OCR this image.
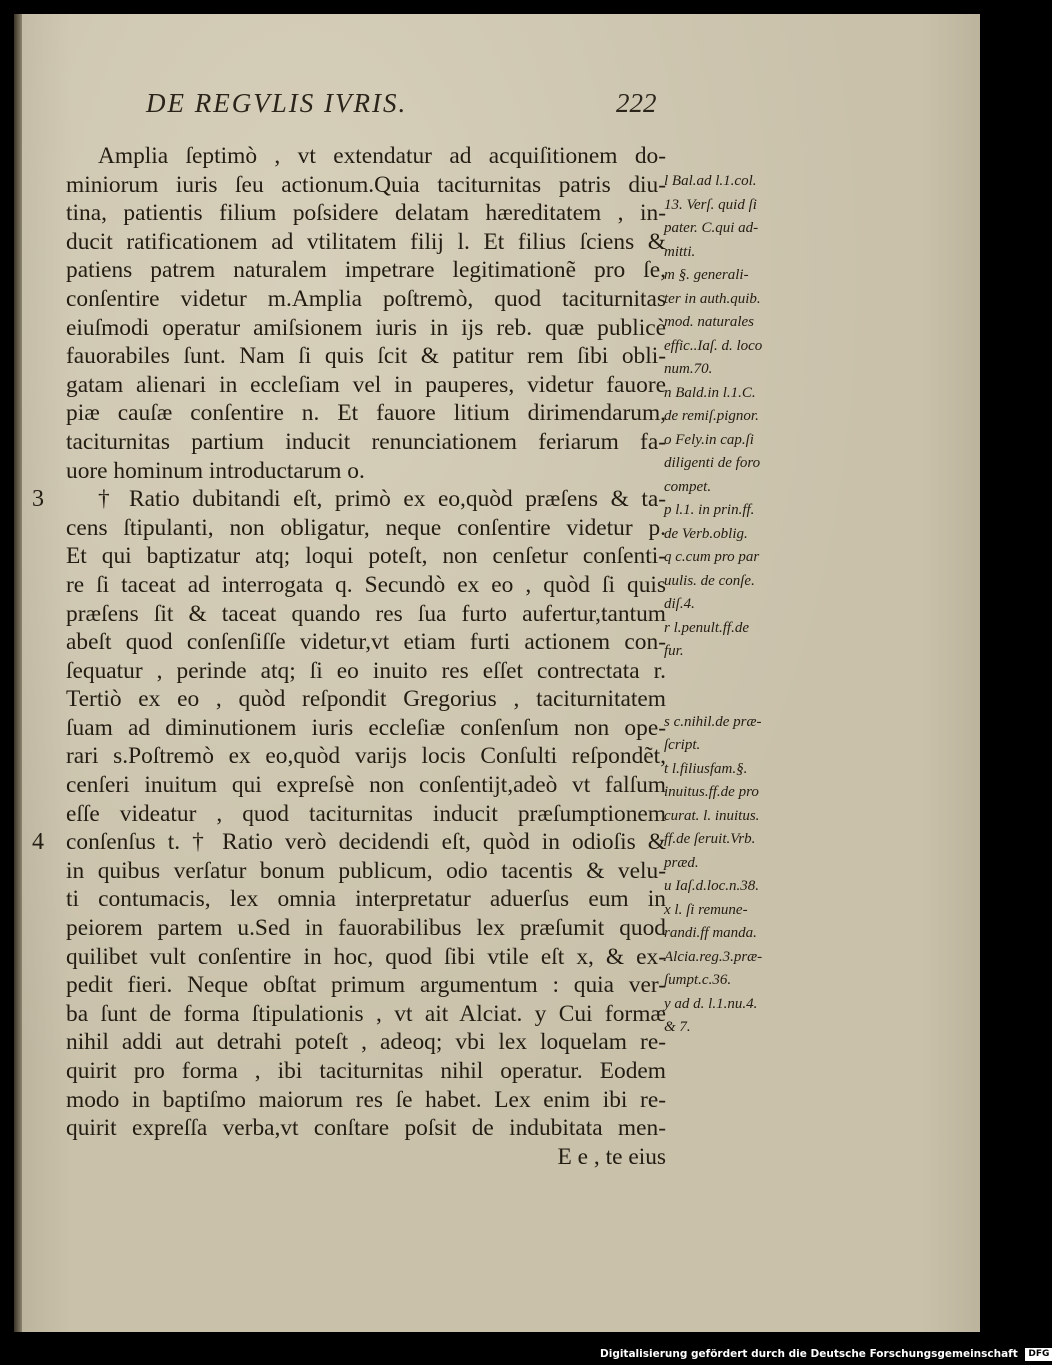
DE REGVLIS IVRIS.	222
3
4
Amplia ſeptimò , vt extendatur ad acquiſitionem do-
miniorum iuris ſeu actionum.Quia taciturnitas patris diu-
tina, patientis filium poſsidere delatam hæreditatem , in-
ducit ratificationem ad vtilitatem filij l. Et filius ſciens &
patiens patrem naturalem impetrare legitimationẽ pro ſe,
conſentire videtur m.Amplia poſtremò, quod taciturnitas
eiuſmodi operatur amiſsionem iuris in ijs reb. quæ publicè
fauorabiles ſunt. Nam ſi quis ſcit & patitur rem ſibi obli-
gatam alienari in eccleſiam vel in pauperes, videtur fauore
piæ cauſæ conſentire n. Et fauore litium dirimendarum,
taciturnitas partium inducit renunciationem feriarum fa-
uore hominum introductarum o.
† Ratio dubitandi eſt, primò ex eo,quòd præſens & ta-
cens ſtipulanti, non obligatur, neque conſentire videtur p.
Et qui baptizatur atq; loqui poteſt, non cenſetur conſenti-
re ſi taceat ad interrogata q. Secundò ex eo , quòd ſi quis
præſens ſit & taceat quando res ſua furto aufertur,tantum
abeſt quod conſenſiſſe videtur,vt etiam furti actionem con-
ſequatur , perinde atq; ſi eo inuito res eſſet contrectata r.
Tertiò ex eo , quòd reſpondit Gregorius , taciturnitatem
ſuam ad diminutionem iuris eccleſiæ conſenſum non ope-
rari s.Poſtremò ex eo,quòd varijs locis Conſulti reſpondẽt,
cenſeri inuitum qui expreſsè non conſentijt,adeò vt falſum
eſſe videatur , quod taciturnitas inducit præſumptionem
conſenſus t. † Ratio verò decidendi eſt, quòd in odioſis &
in quibus verſatur bonum publicum, odio tacentis & velu-
ti contumacis, lex omnia interpretatur aduerſus eum in
peiorem partem u.Sed in fauorabilibus lex præſumit quod
quilibet vult conſentire in hoc, quod ſibi vtile eſt x, & ex-
pedit fieri. Neque obſtat primum argumentum : quia ver-
ba ſunt de forma ſtipulationis , vt ait Alciat. y Cui formæ
nihil addi aut detrahi poteſt , adeoq; vbi lex loquelam re-
quirit pro forma , ibi taciturnitas nihil operatur. Eodem
modo in baptiſmo maiorum res ſe habet. Lex enim ibi re-
quirit expreſſa verba,vt conſtare poſsit de indubitata men-
E e , te eius
l Bal.ad l.1.col.
13. Verſ. quid ſi
pater. C.qui ad-
mitti.
m §. generali-
ter in auth.quib.
mod. naturales
effic..Iaſ. d. loco
num.70.
n Bald.in l.1.C.
de remiſ.pignor.
o Fely.in cap.ſi
diligenti de foro
compet.
p l.1. in prin.ff.
de Verb.oblig.
q c.cum pro par
uulis. de conſe.
diſ.4.
r l.penult.ff.de
fur.
s c.nihil.de præ-
ſcript.
t l.filiusfam.§.
inuitus.ff.de pro
curat. l. inuitus.
ff.de ſeruit.Vrb.
præd.
u Iaſ.d.loc.n.38.
x l. ſi remune-
randi.ff manda.
Alcia.reg.3.præ-
ſumpt.c.36.
y ad d. l.1.nu.4.
& 7.
Digitalisierung gefördert durch die Deutsche Forschungsgemeinschaft DFG
